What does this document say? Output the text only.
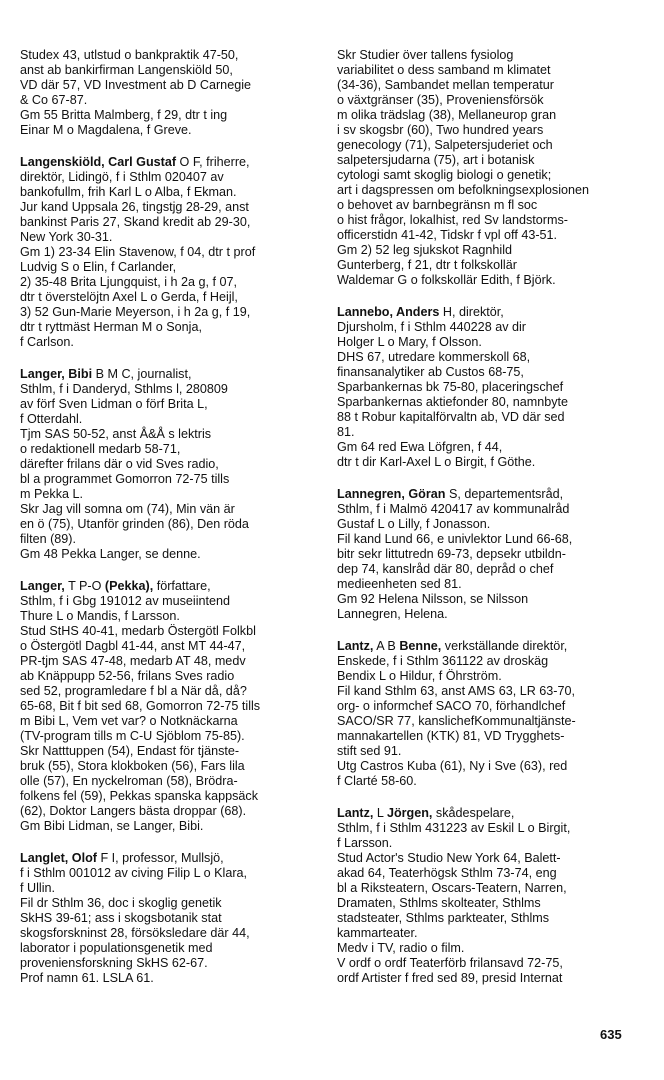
Studex 43, utlstud o bankpraktik 47-50,
anst ab bankirfirman Langenskiöld 50,
VD där 57, VD Investment ab D Carnegie
& Co 67-87.
Gm 55 Britta Malmberg, f 29, dtr t ing
Einar M o Magdalena, f Greve.
Langenskiöld, Carl Gustaf O F, friherre,
direktör, Lidingö, f i Sthlm 020407 av
bankofullm, frih Karl L o Alba, f Ekman.
Jur kand Uppsala 26, tingstjg 28-29, anst
bankinst Paris 27, Skand kredit ab 29-30,
New York 30-31.
Gm 1) 23-34 Elin Stavenow, f 04, dtr t prof
Ludvig S o Elin, f Carlander,
2) 35-48 Brita Ljungquist, i h 2a g, f 07,
dtr t överstelöjtn Axel L o Gerda, f Heijl,
3) 52 Gun-Marie Meyerson, i h 2a g, f 19,
dtr t ryttmäst Herman M o Sonja,
f Carlson.
Langer, Bibi B M C, journalist,
Sthlm, f i Danderyd, Sthlms l, 280809
av förf Sven Lidman o förf Brita L,
f Otterdahl.
Tjm SAS 50-52, anst Å&Å s lektris
o redaktionell medarb 58-71,
därefter frilans där o vid Sves radio,
bl a programmet Gomorron 72-75 tills
m Pekka L.
Skr Jag vill somna om (74), Min vän är
en ö (75), Utanför grinden (86), Den röda
filten (89).
Gm 48 Pekka Langer, se denne.
Langer, T P-O (Pekka), författare,
Sthlm, f i Gbg 191012 av museiintend
Thure L o Mandis, f Larsson.
Stud StHS 40-41, medarb Östergötl Folkbl
o Östergötl Dagbl 41-44, anst MT 44-47,
PR-tjm SAS 47-48, medarb AT 48, medv
ab Knäppupp 52-56, frilans Sves radio
sed 52, programledare f bl a När då, då?
65-68, Bit f bit sed 68, Gomorron 72-75 tills
m Bibi L, Vem vet var? o Notknäckarna
(TV-program tills m C-U Sjöblom 75-85).
Skr Natttuppen (54), Endast för tjänste-
bruk (55), Stora klokboken (56), Fars lila
olle (57), En nyckelroman (58), Brödra-
folkens fel (59), Pekkas spanska kappsäck
(62), Doktor Langers bästa droppar (68).
Gm Bibi Lidman, se Langer, Bibi.
Langlet, Olof F I, professor, Mullsjö,
f i Sthlm 001012 av civing Filip L o Klara,
f Ullin.
Fil dr Sthlm 36, doc i skoglig genetik
SkHS 39-61; ass i skogsbotanik stat
skogsforskninst 28, försöksledare där 44,
laborator i populationsgenetik med
proveniensforskning SkHS 62-67.
Prof namn 61. LSLA 61.
Skr Studier över tallens fysiolog
variabilitet o dess samband m klimatet
(34-36), Sambandet mellan temperatur
o växtgränser (35), Proveniensförsök
m olika trädslag (38), Mellaneurop gran
i sv skogsbr (60), Two hundred years
genecology (71), Salpetersjuderiet och
salpetersjudarna (75), art i botanisk
cytologi samt skoglig biologi o genetik;
art i dagspressen om befolkningsexplosionen
o behovet av barnbegränsn m fl soc
o hist frågor, lokalhist, red Sv landstorms-
officerstidn 41-42, Tidskr f vpl off 43-51.
Gm 2) 52 leg sjukskot Ragnhild
Gunterberg, f 21, dtr t folkskollär
Waldemar G o folkskollär Edith, f Björk.
Lannebo, Anders H, direktör,
Djursholm, f i Sthlm 440228 av dir
Holger L o Mary, f Olsson.
DHS 67, utredare kommerskoll 68,
finansanalytiker ab Custos 68-75,
Sparbankernas bk 75-80, placeringschef
Sparbankernas aktiefonder 80, namnbyte
88 t Robur kapitalförvaltn ab, VD där sed
81.
Gm 64 red Ewa Löfgren, f 44,
dtr t dir Karl-Axel L o Birgit, f Göthe.
Lannegren, Göran S, departementsråd,
Sthlm, f i Malmö 420417 av kommunalråd
Gustaf L o Lilly, f Jonasson.
Fil kand Lund 66, e univlektor Lund 66-68,
bitr sekr littutredn 69-73, depsekr utbildn-
dep 74, kanslråd där 80, depråd o chef
medieenheten sed 81.
Gm 92 Helena Nilsson, se Nilsson
Lannegren, Helena.
Lantz, A B Benne, verkställande direktör,
Enskede, f i Sthlm 361122 av droskäg
Bendix L o Hildur, f Öhrström.
Fil kand Sthlm 63, anst AMS 63, LR 63-70,
org- o informchef SACO 70, förhandlchef
SACO/SR 77, kanslichefKommunaltjänste-
mannakartellen (KTK) 81, VD Trygghets-
stift sed 91.
Utg Castros Kuba (61), Ny i Sve (63), red
f Clarté 58-60.
Lantz, L Jörgen, skådespelare,
Sthlm, f i Sthlm 431223 av Eskil L o Birgit,
f Larsson.
Stud Actor's Studio New York 64, Balett-
akad 64, Teaterhögsk Sthlm 73-74, eng
bl a Riksteatern, Oscars-Teatern, Narren,
Dramaten, Sthlms skolteater, Sthlms
stadsteater, Sthlms parkteater, Sthlms
kammarteater.
Medv i TV, radio o film.
V ordf o ordf Teaterförb frilansavd 72-75,
ordf Artister f fred sed 89, presid Internat
635
